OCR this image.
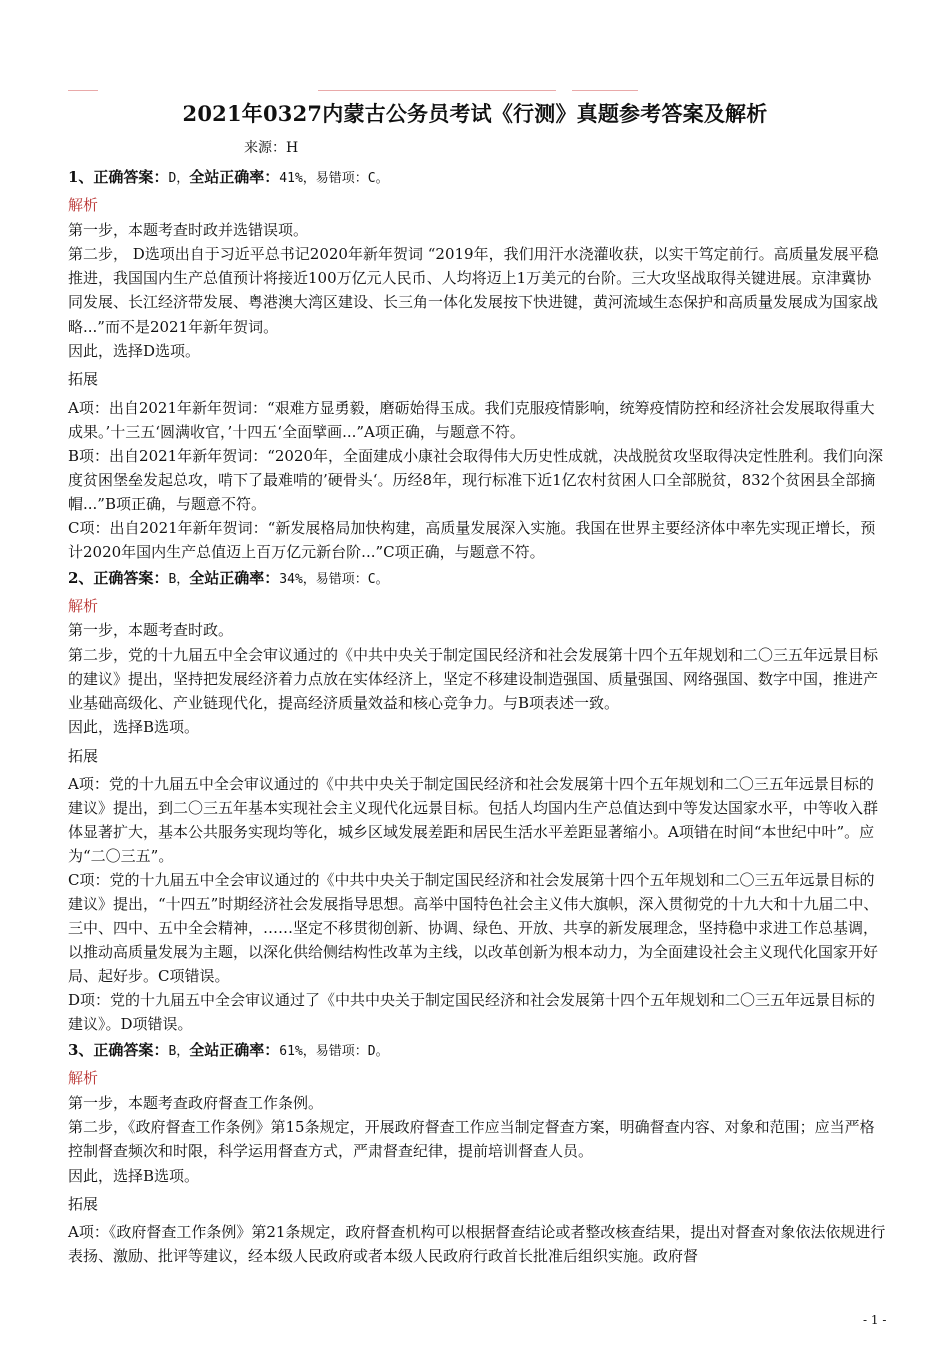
2021年0327内蒙古公务员考试《行测》真题参考答案及解析
来源：H

1、正确答案：D，全站正确率：41%，易错项：C。

解析

第一步，本题考查时政并选错误项。

第二步， D选项出自于习近平总书记2020年新年贺词 “2019年，我们用汗水浇灌收获，以实干笃定前行。高质量发展平稳推进，我国国内生产总值预计将接近100万亿元人民币、人均将迈上1万美元的台阶。三大攻坚战取得关键进展。京津冀协同发展、长江经济带发展、粤港澳大湾区建设、长三角一体化发展按下快进键，黄河流域生态保护和高质量发展成为国家战略...”而不是2021年新年贺词。

因此，选择D选项。

拓展

A项：出自2021年新年贺词：“艰难方显勇毅，磨砺始得玉成。我们克服疫情影响，统筹疫情防控和经济社会发展取得重大成果。’十三五‘圆满收官，’十四五‘全面擘画...”A项正确，与题意不符。

B项：出自2021年新年贺词：“2020年，全面建成小康社会取得伟大历史性成就，决战脱贫攻坚取得决定性胜利。我们向深度贫困堡垒发起总攻，啃下了最难啃的’硬骨头‘。历经8年，现行标准下近1亿农村贫困人口全部脱贫，832个贫困县全部摘帽...”B项正确，与题意不符。

C项：出自2021年新年贺词：“新发展格局加快构建，高质量发展深入实施。我国在世界主要经济体中率先实现正增长，预计2020年国内生产总值迈上百万亿元新台阶...”C项正确，与题意不符。

2、正确答案：B，全站正确率：34%，易错项：C。

解析

第一步，本题考查时政。

第二步，党的十九届五中全会审议通过的《中共中央关于制定国民经济和社会发展第十四个五年规划和二〇三五年远景目标的建议》提出，坚持把发展经济着力点放在实体经济上，坚定不移建设制造强国、质量强国、网络强国、数字中国，推进产业基础高级化、产业链现代化，提高经济质量效益和核心竞争力。与B项表述一致。

因此，选择B选项。

拓展

A项：党的十九届五中全会审议通过的《中共中央关于制定国民经济和社会发展第十四个五年规划和二〇三五年远景目标的建议》提出，到二〇三五年基本实现社会主义现代化远景目标。包括人均国内生产总值达到中等发达国家水平，中等收入群体显著扩大，基本公共服务实现均等化，城乡区域发展差距和居民生活水平差距显著缩小。A项错在时间“本世纪中叶”。应为“二〇三五”。

C项：党的十九届五中全会审议通过的《中共中央关于制定国民经济和社会发展第十四个五年规划和二〇三五年远景目标的建议》提出，“十四五”时期经济社会发展指导思想。高举中国特色社会主义伟大旗帜，深入贯彻党的十九大和十九届二中、三中、四中、五中全会精神，……坚定不移贯彻创新、协调、绿色、开放、共享的新发展理念，坚持稳中求进工作总基调，以推动高质量发展为主题，以深化供给侧结构性改革为主线，以改革创新为根本动力，为全面建设社会主义现代化国家开好局、起好步。C项错误。

D项：党的十九届五中全会审议通过了《中共中央关于制定国民经济和社会发展第十四个五年规划和二〇三五年远景目标的建议》。D项错误。

3、正确答案：B，全站正确率：61%，易错项：D。

解析

第一步，本题考查政府督查工作条例。

第二步，《政府督查工作条例》第15条规定，开展政府督查工作应当制定督查方案，明确督查内容、对象和范围；应当严格控制督查频次和时限，科学运用督查方式，严肃督查纪律，提前培训督查人员。

因此，选择B选项。

拓展

A项：《政府督查工作条例》第21条规定，政府督查机构可以根据督查结论或者整改核查结果，提出对督查对象依法依规进行表扬、激励、批评等建议，经本级人民政府或者本级人民政府行政首长批准后组织实施。政府督

- 1 -
